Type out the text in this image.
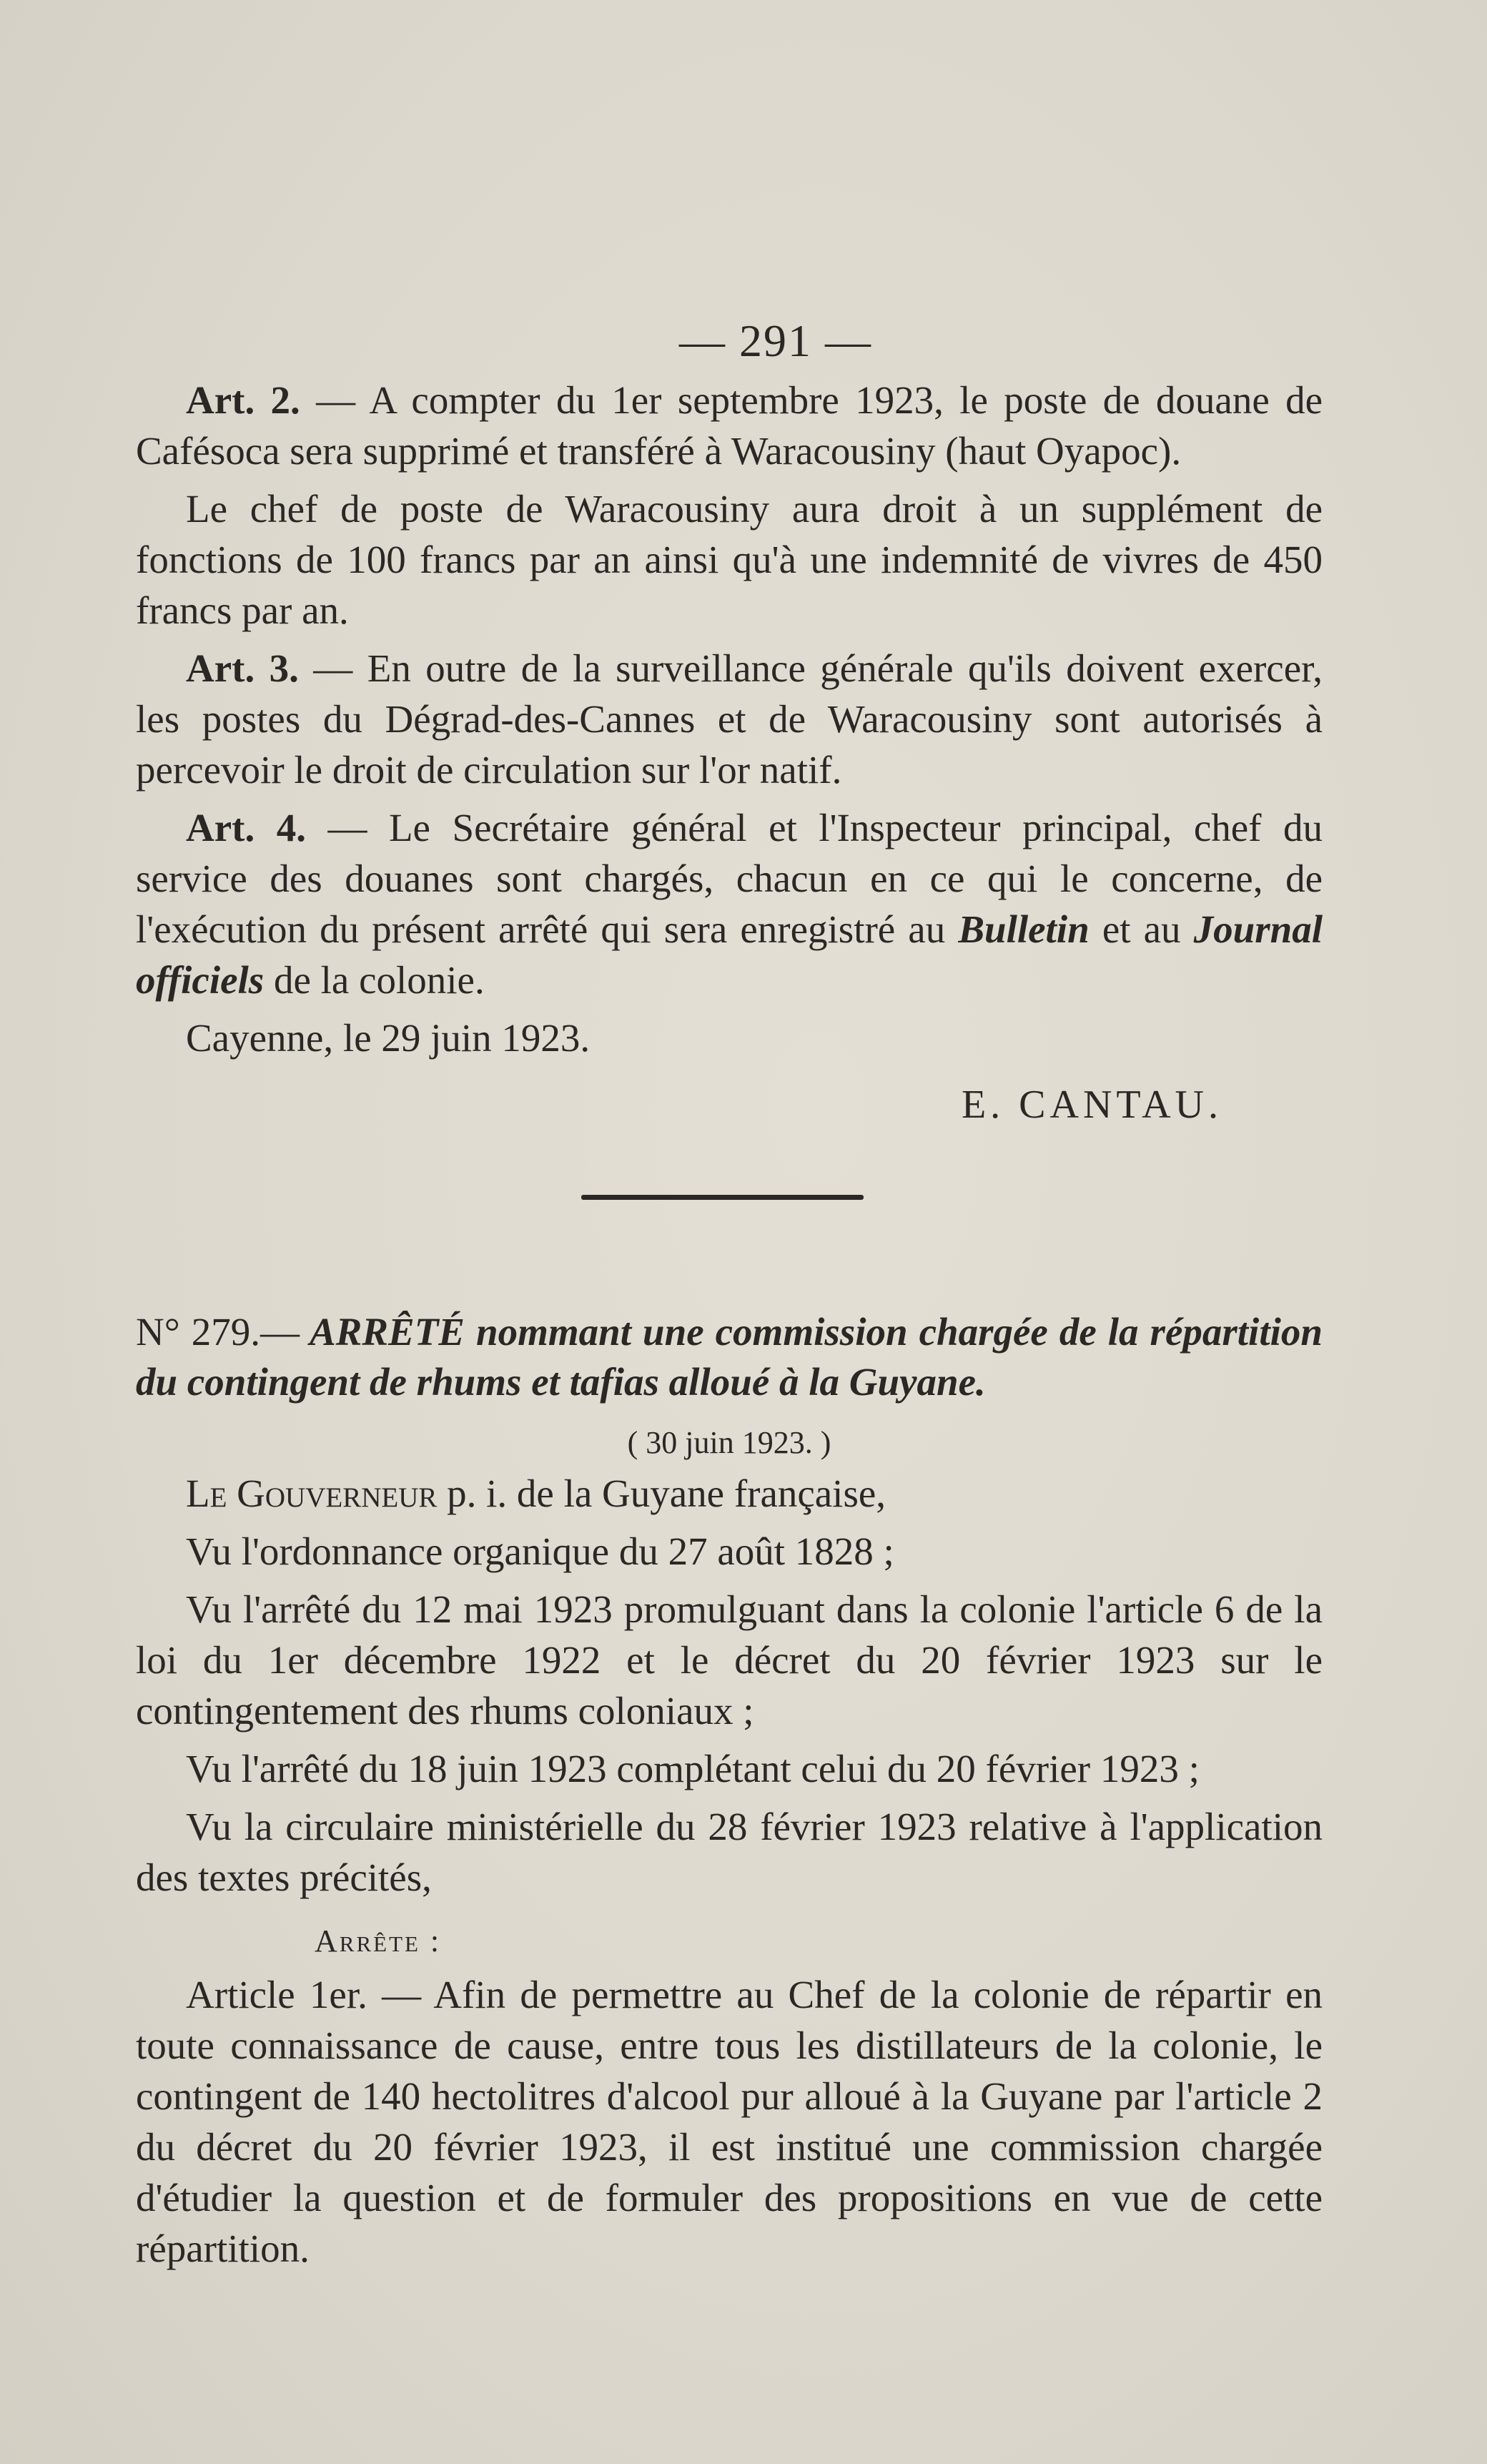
— 291 —

Art. 2. — A compter du 1er septembre 1923, le poste de douane de Cafésoca sera supprimé et transféré à Waracousiny (haut Oyapoc).

Le chef de poste de Waracousiny aura droit à un supplément de fonctions de 100 francs par an ainsi qu'à une indemnité de vivres de 450 francs par an.

Art. 3. — En outre de la surveillance générale qu'ils doivent exercer, les postes du Dégrad-des-Cannes et de Waracousiny sont autorisés à percevoir le droit de circulation sur l'or natif.

Art. 4. — Le Secrétaire général et l'Inspecteur principal, chef du service des douanes sont chargés, chacun en ce qui le concerne, de l'exécution du présent arrêté qui sera enregistré au Bulletin et au Journal officiels de la colonie.

Cayenne, le 29 juin 1923.

E. CANTAU.

N° 279.— ARRÊTÉ nommant une commission chargée de la répartition du contingent de rhums et tafias alloué à la Guyane.

( 30 juin 1923. )

Le Gouverneur p. i. de la Guyane française,

Vu l'ordonnance organique du 27 août 1828 ;

Vu l'arrêté du 12 mai 1923 promulguant dans la colonie l'article 6 de la loi du 1er décembre 1922 et le décret du 20 février 1923 sur le contingentement des rhums coloniaux ;

Vu l'arrêté du 18 juin 1923 complétant celui du 20 février 1923 ;

Vu la circulaire ministérielle du 28 février 1923 relative à l'application des textes précités,

Arrête :

Article 1er. — Afin de permettre au Chef de la colonie de répartir en toute connaissance de cause, entre tous les distillateurs de la colonie, le contingent de 140 hectolitres d'alcool pur alloué à la Guyane par l'article 2 du décret du 20 février 1923, il est institué une commission chargée d'étudier la question et de formuler des propositions en vue de cette répartition.
